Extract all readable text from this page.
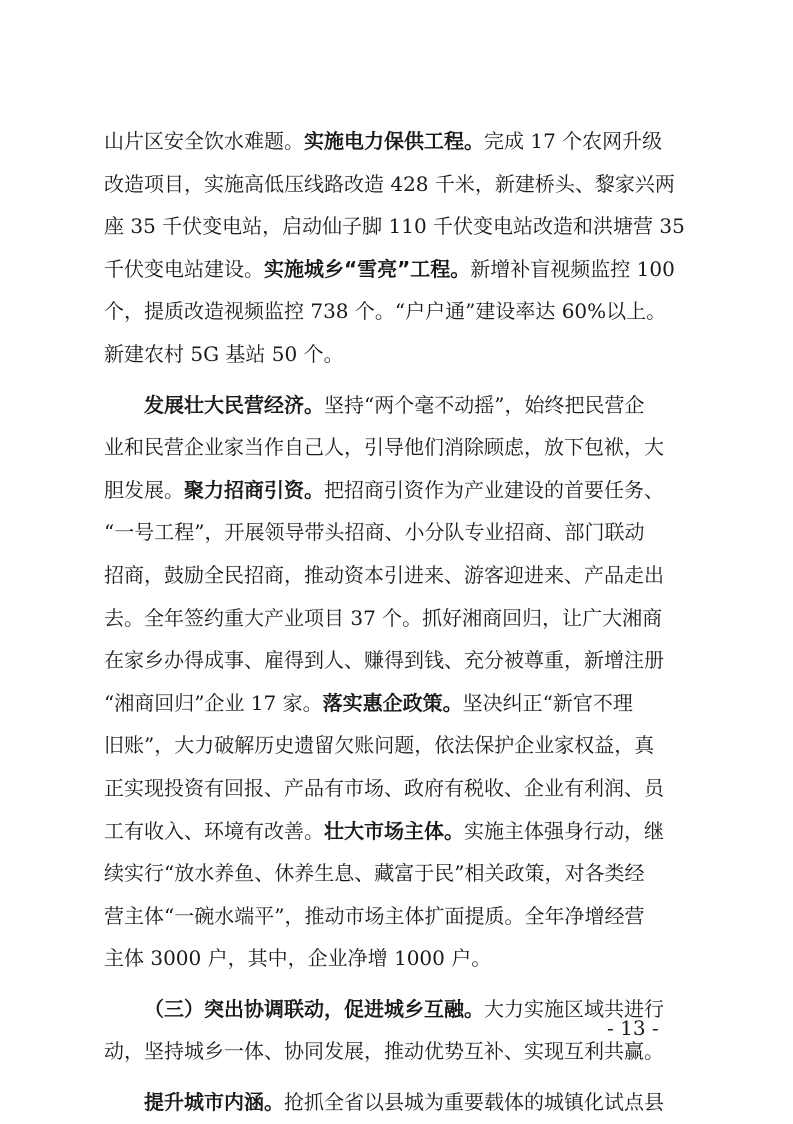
山片区安全饮水难题。实施电力保供工程。完成 17 个农网升级
改造项目，实施高低压线路改造 428 千米，新建桥头、黎家兴两
座 35 千伏变电站，启动仙子脚 110 千伏变电站改造和洪塘营 35
千伏变电站建设。实施城乡“雪亮”工程。新增补盲视频监控 100
个，提质改造视频监控 738 个。“户户通”建设率达 60%以上。
新建农村 5G 基站 50 个。
发展壮大民营经济。坚持“两个毫不动摇”，始终把民营企
业和民营企业家当作自己人，引导他们消除顾虑，放下包袱，大
胆发展。聚力招商引资。把招商引资作为产业建设的首要任务、
“一号工程”，开展领导带头招商、小分队专业招商、部门联动
招商，鼓励全民招商，推动资本引进来、游客迎进来、产品走出
去。全年签约重大产业项目 37 个。抓好湘商回归，让广大湘商
在家乡办得成事、雇得到人、赚得到钱、充分被尊重，新增注册
“湘商回归”企业 17 家。落实惠企政策。坚决纠正“新官不理
旧账”，大力破解历史遗留欠账问题，依法保护企业家权益，真
正实现投资有回报、产品有市场、政府有税收、企业有利润、员
工有收入、环境有改善。壮大市场主体。实施主体强身行动，继
续实行“放水养鱼、休养生息、藏富于民”相关政策，对各类经
营主体“一碗水端平”，推动市场主体扩面提质。全年净增经营
主体 3000 户，其中，企业净增 1000 户。
（三）突出协调联动，促进城乡互融。大力实施区域共进行
动，坚持城乡一体、协同发展，推动优势互补、实现互利共赢。
提升城市内涵。抢抓全省以县城为重要载体的城镇化试点县
- 13 -
